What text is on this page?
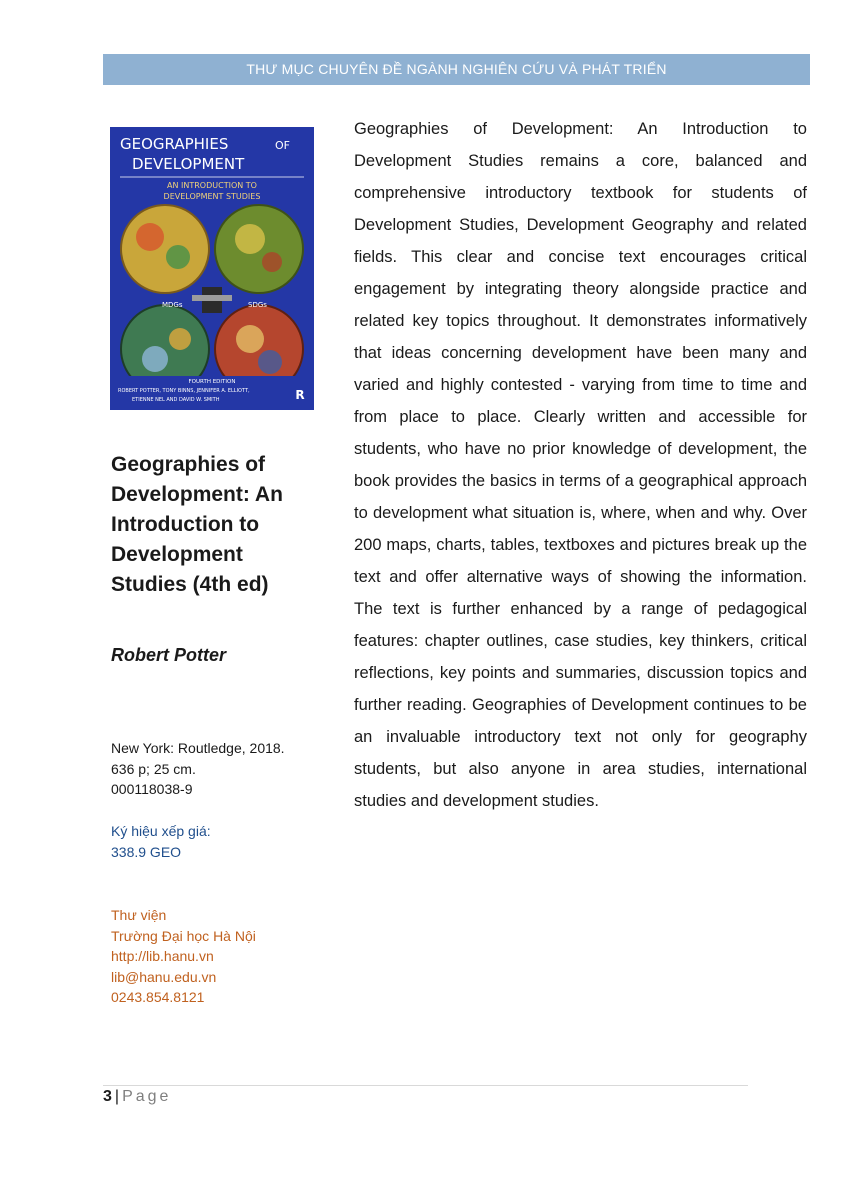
THƯ MỤC CHUYÊN ĐỀ NGÀNH NGHIÊN CỨU VÀ PHÁT TRIỂN
GEOGRAPHIES	OF
DEVELOPMENT
AN INTRODUCTION TO
DEVELOPMENT STUDIES
MDGs	SDGs
FOURTH EDITION
ROBERT POTTER, TONY BINNS, JENNIFER A. ELLIOTT,
ETIENNE NEL AND DAVID W. SMITH	R
Geographies of
Development: An
Introduction to
Development
Studies (4th ed)
Robert Potter
New York: Routledge, 2018.
636 p; 25 cm.
000118038-9
Ký hiệu xếp giá:
338.9 GEO
Thư viện
Trường Đại học Hà Nội
http://lib.hanu.vn
lib@hanu.edu.vn
0243.854.8121

Geographies of Development: An Introduction to Development Studies remains a core, balanced and comprehensive introductory textbook for students of Development Studies, Development Geography and related fields. This clear and concise text encourages critical engagement by integrating theory alongside practice and related key topics throughout. It demonstrates informatively that ideas concerning development have been many and varied and highly contested - varying from time to time and from place to place. Clearly written and accessible for students, who have no prior knowledge of development, the book provides the basics in terms of a geographical approach to development what situation is, where, when and why. Over 200 maps, charts, tables, textboxes and pictures break up the text and offer alternative ways of showing the information. The text is further enhanced by a range of pedagogical features: chapter outlines, case studies, key thinkers, critical reflections, key points and summaries, discussion topics and further reading. Geographies of Development continues to be an invaluable introductory text not only for geography students, but also anyone in area studies, international studies and development studies.

3 | Page
